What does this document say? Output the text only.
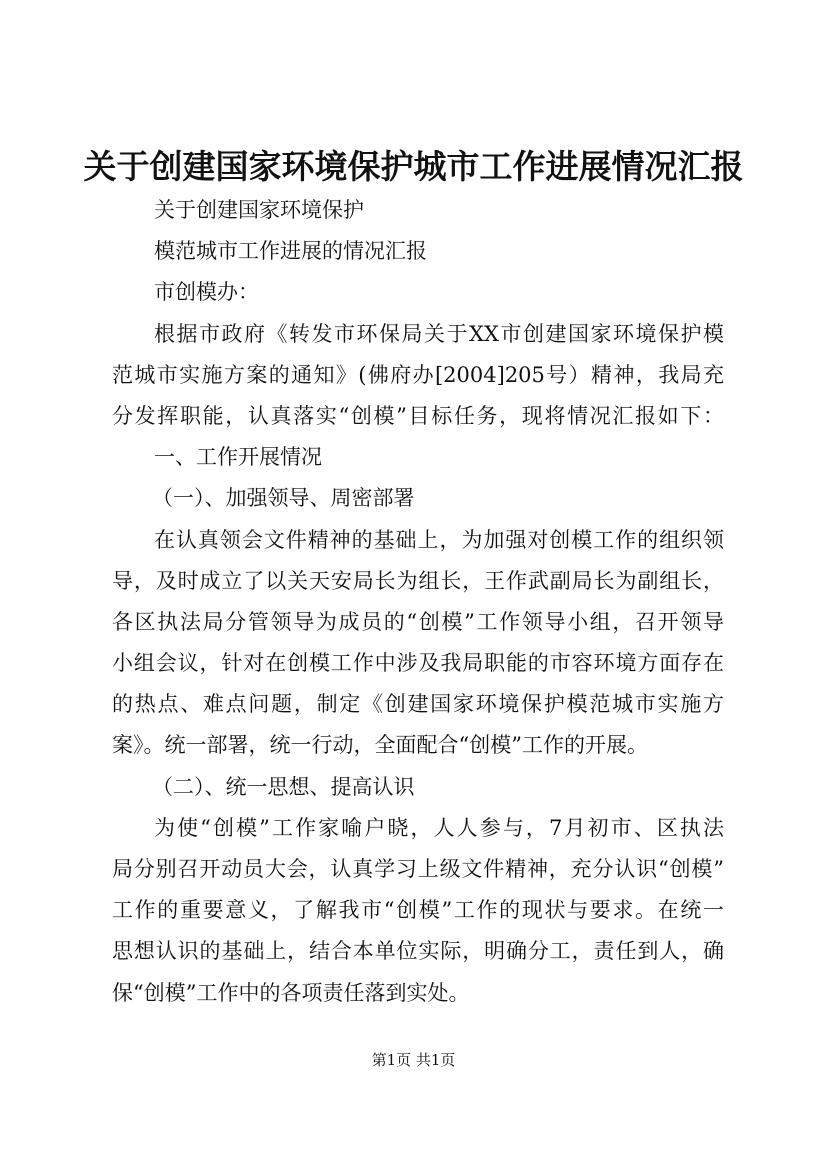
关于创建国家环境保护城市工作进展情况汇报

关于创建国家环境保护

模范城市工作进展的情况汇报

市创模办：

根据市政府《转发市环保局关于XX市创建国家环境保护模

范城市实施方案的通知》(佛府办[2004]205号）精神，我局充

分发挥职能，认真落实“创模”目标任务，现将情况汇报如下：

一、工作开展情况

（一）、加强领导、周密部署

在认真领会文件精神的基础上，为加强对创模工作的组织领

导，及时成立了以关天安局长为组长，王作武副局长为副组长，

各区执法局分管领导为成员的“创模”工作领导小组，召开领导

小组会议，针对在创模工作中涉及我局职能的市容环境方面存在

的热点、难点问题，制定《创建国家环境保护模范城市实施方

案》。统一部署，统一行动，全面配合“创模”工作的开展。

（二）、统一思想、提高认识

为使“创模”工作家喻户晓，人人参与，7月初市、区执法

局分别召开动员大会，认真学习上级文件精神，充分认识“创模”

工作的重要意义，了解我市“创模”工作的现状与要求。在统一

思想认识的基础上，结合本单位实际，明确分工，责任到人，确

保“创模”工作中的各项责任落到实处。

第1页 共1页
